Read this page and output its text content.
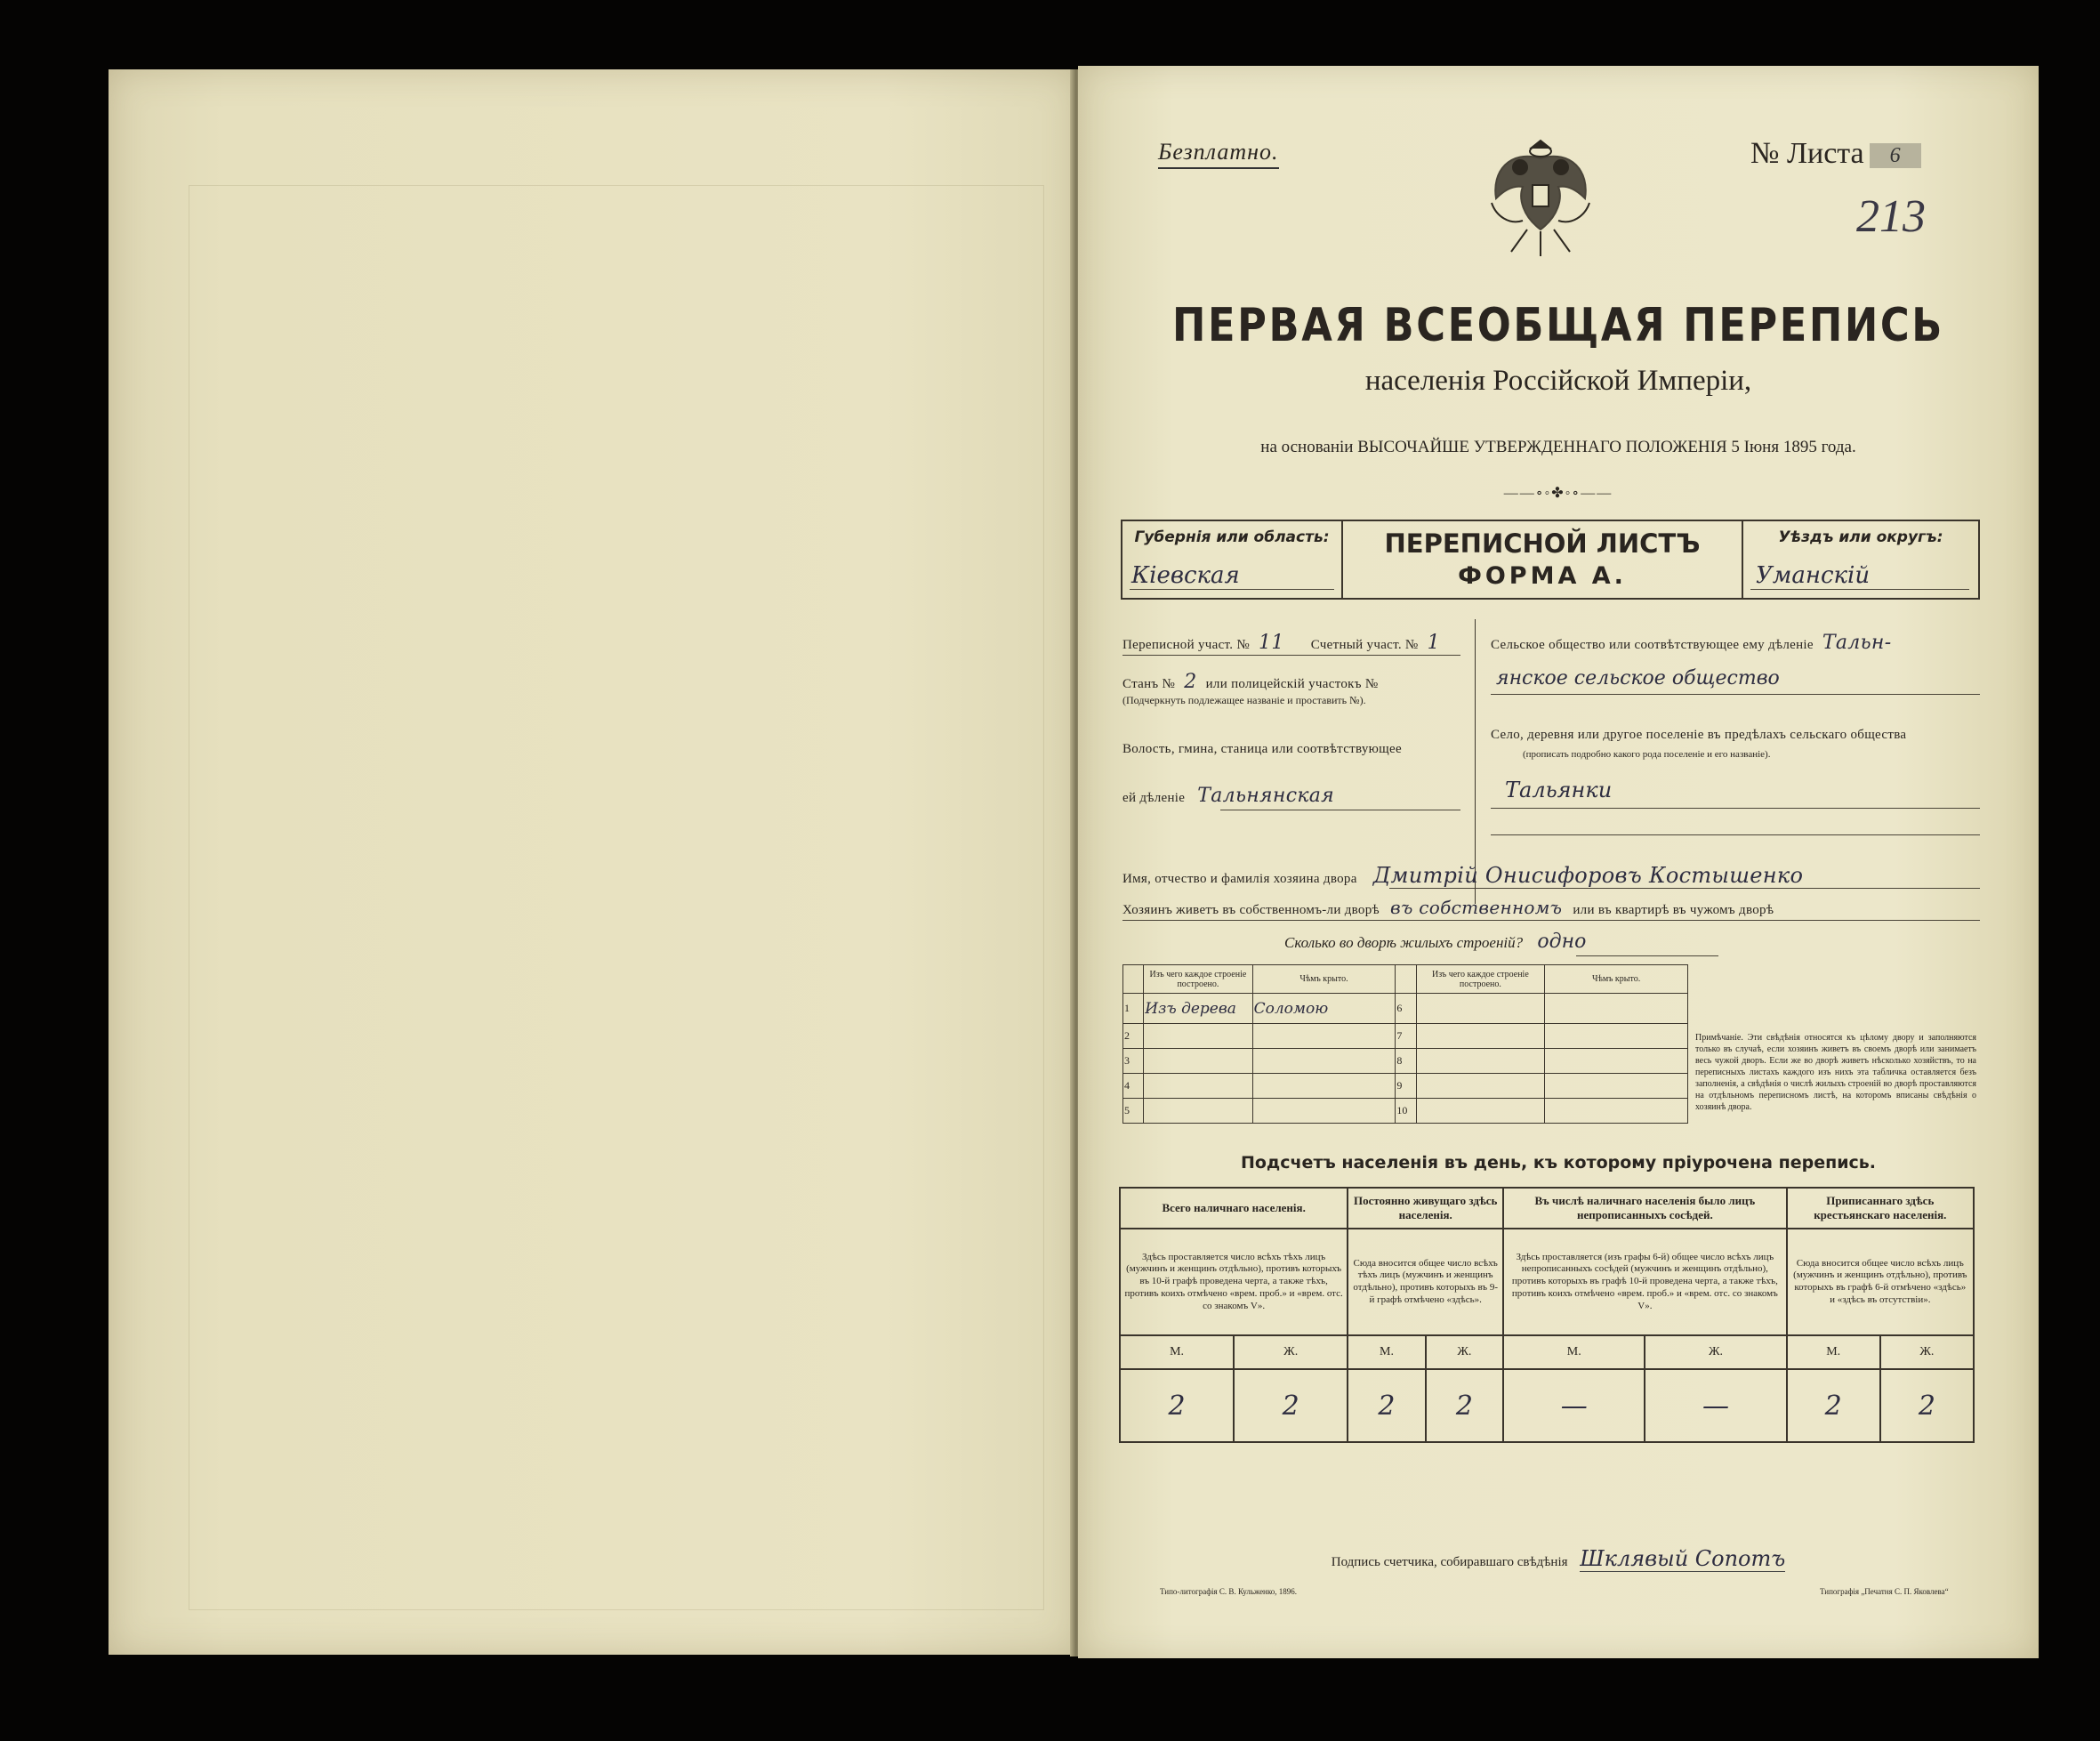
Безплатно.	№ Листа 6
213
ПЕРВАЯ ВСЕОБЩАЯ ПЕРЕПИСЬ
населенія Россійской Имперіи,
на основаніи ВЫСОЧАЙШЕ УТВЕРЖДЕННАГО ПОЛОЖЕНІЯ 5 Іюня 1895 года.
——∘◦✤◦∘——
Губернія или область:
Кiевская
ПЕРЕПИСНОЙ ЛИСТЪ
ФОРМА А.
Уѣздъ или округъ:
Уманскій
Переписной участ. № 11 Счетный участ. № 1
Станъ № 2 или полицейскій участокъ №
(Подчеркнуть подлежащее названіе и проставить №).
Волость, гмина, станица или соотвѣтствующее
ей дѣленіе Тальнянская
Сельское общество или соотвѣтствующее ему дѣленіе Тальн-
янское сельское общество
Село, деревня или другое поселеніе въ предѣлахъ сельскаго общества
(прописать подробно какого рода поселеніе и его названіе).
Тальянки
Имя, отчество и фамилія хозяина двора Дмитрій Онисифоровъ Костышенко
Хозяинъ живетъ въ собственномъ-ли дворѣ въ собственномъ или въ квартирѣ въ чужомъ дворѣ
Сколько во дворѣ жилыхъ строеній? одно
	Изъ чего каждое строеніе построено.	Чѣмъ крыто.		Изъ чего каждое строеніе построено.	Чѣмъ крыто.
1	Изъ дерева	Соломою	6		
2			7		
3			8		
4			9		
5			10		
Примѣчаніе. Эти свѣдѣнія относятся къ цѣлому двору и заполняются только въ случаѣ, если хозяинъ живетъ въ своемъ дворѣ или занимаетъ весь чужой дворъ. Если же во дворѣ живетъ нѣсколько хозяйствъ, то на переписныхъ листахъ каждого изъ нихъ эта табличка оставляется безъ заполненія, а свѣдѣнія о числѣ жилыхъ строеній во дворѣ проставляются на отдѣльномъ переписномъ листѣ, на которомъ вписаны свѣдѣнія о хозяинѣ двора.
Подсчетъ населенія въ день, къ которому пріурочена перепись.
Всего наличнаго населенія.		Постоянно живущаго здѣсь населенія.		Въ числѣ наличнаго населенія было лицъ непрописанныхъ сосѣдей.		Приписаннаго здѣсь крестьянскаго населенія.	
Здѣсь проставляется число всѣхъ тѣхъ лицъ (мужчинъ и женщинъ отдѣльно), противъ которыхъ въ 10-й графѣ проведена черта, а также тѣхъ, противъ коихъ отмѣчено «врем. проб.» и «врем. отс. со знакомъ V».		Сюда вносится общее число всѣхъ тѣхъ лицъ (мужчинъ и женщинъ отдѣльно), противъ которыхъ въ 9-й графѣ отмѣчено «здѣсь».		Здѣсь проставляется (изъ графы 6-й) общее число всѣхъ лицъ непрописанныхъ сосѣдей (мужчинъ и женщинъ отдѣльно), противъ которыхъ въ графѣ 10-й проведена черта, а также тѣхъ, противъ коихъ отмѣчено «врем. проб.» и «врем. отс. со знакомъ V».		Сюда вносится общее число всѣхъ лицъ (мужчинъ и женщинъ отдѣльно), противъ которыхъ въ графѣ 6-й отмѣчено «здѣсь» и «здѣсь въ отсутствіи».	
М.	Ж.	М.	Ж.	М.	Ж.	М.	Ж.
2	2	2	2	—	—	2	2
Подпись счетчика, собиравшаго свѣдѣнія Шклявый Сопотъ
Типо-литографія С. В. Кульженко, 1896.	Типографія „Печатня С. П. Яковлева“
